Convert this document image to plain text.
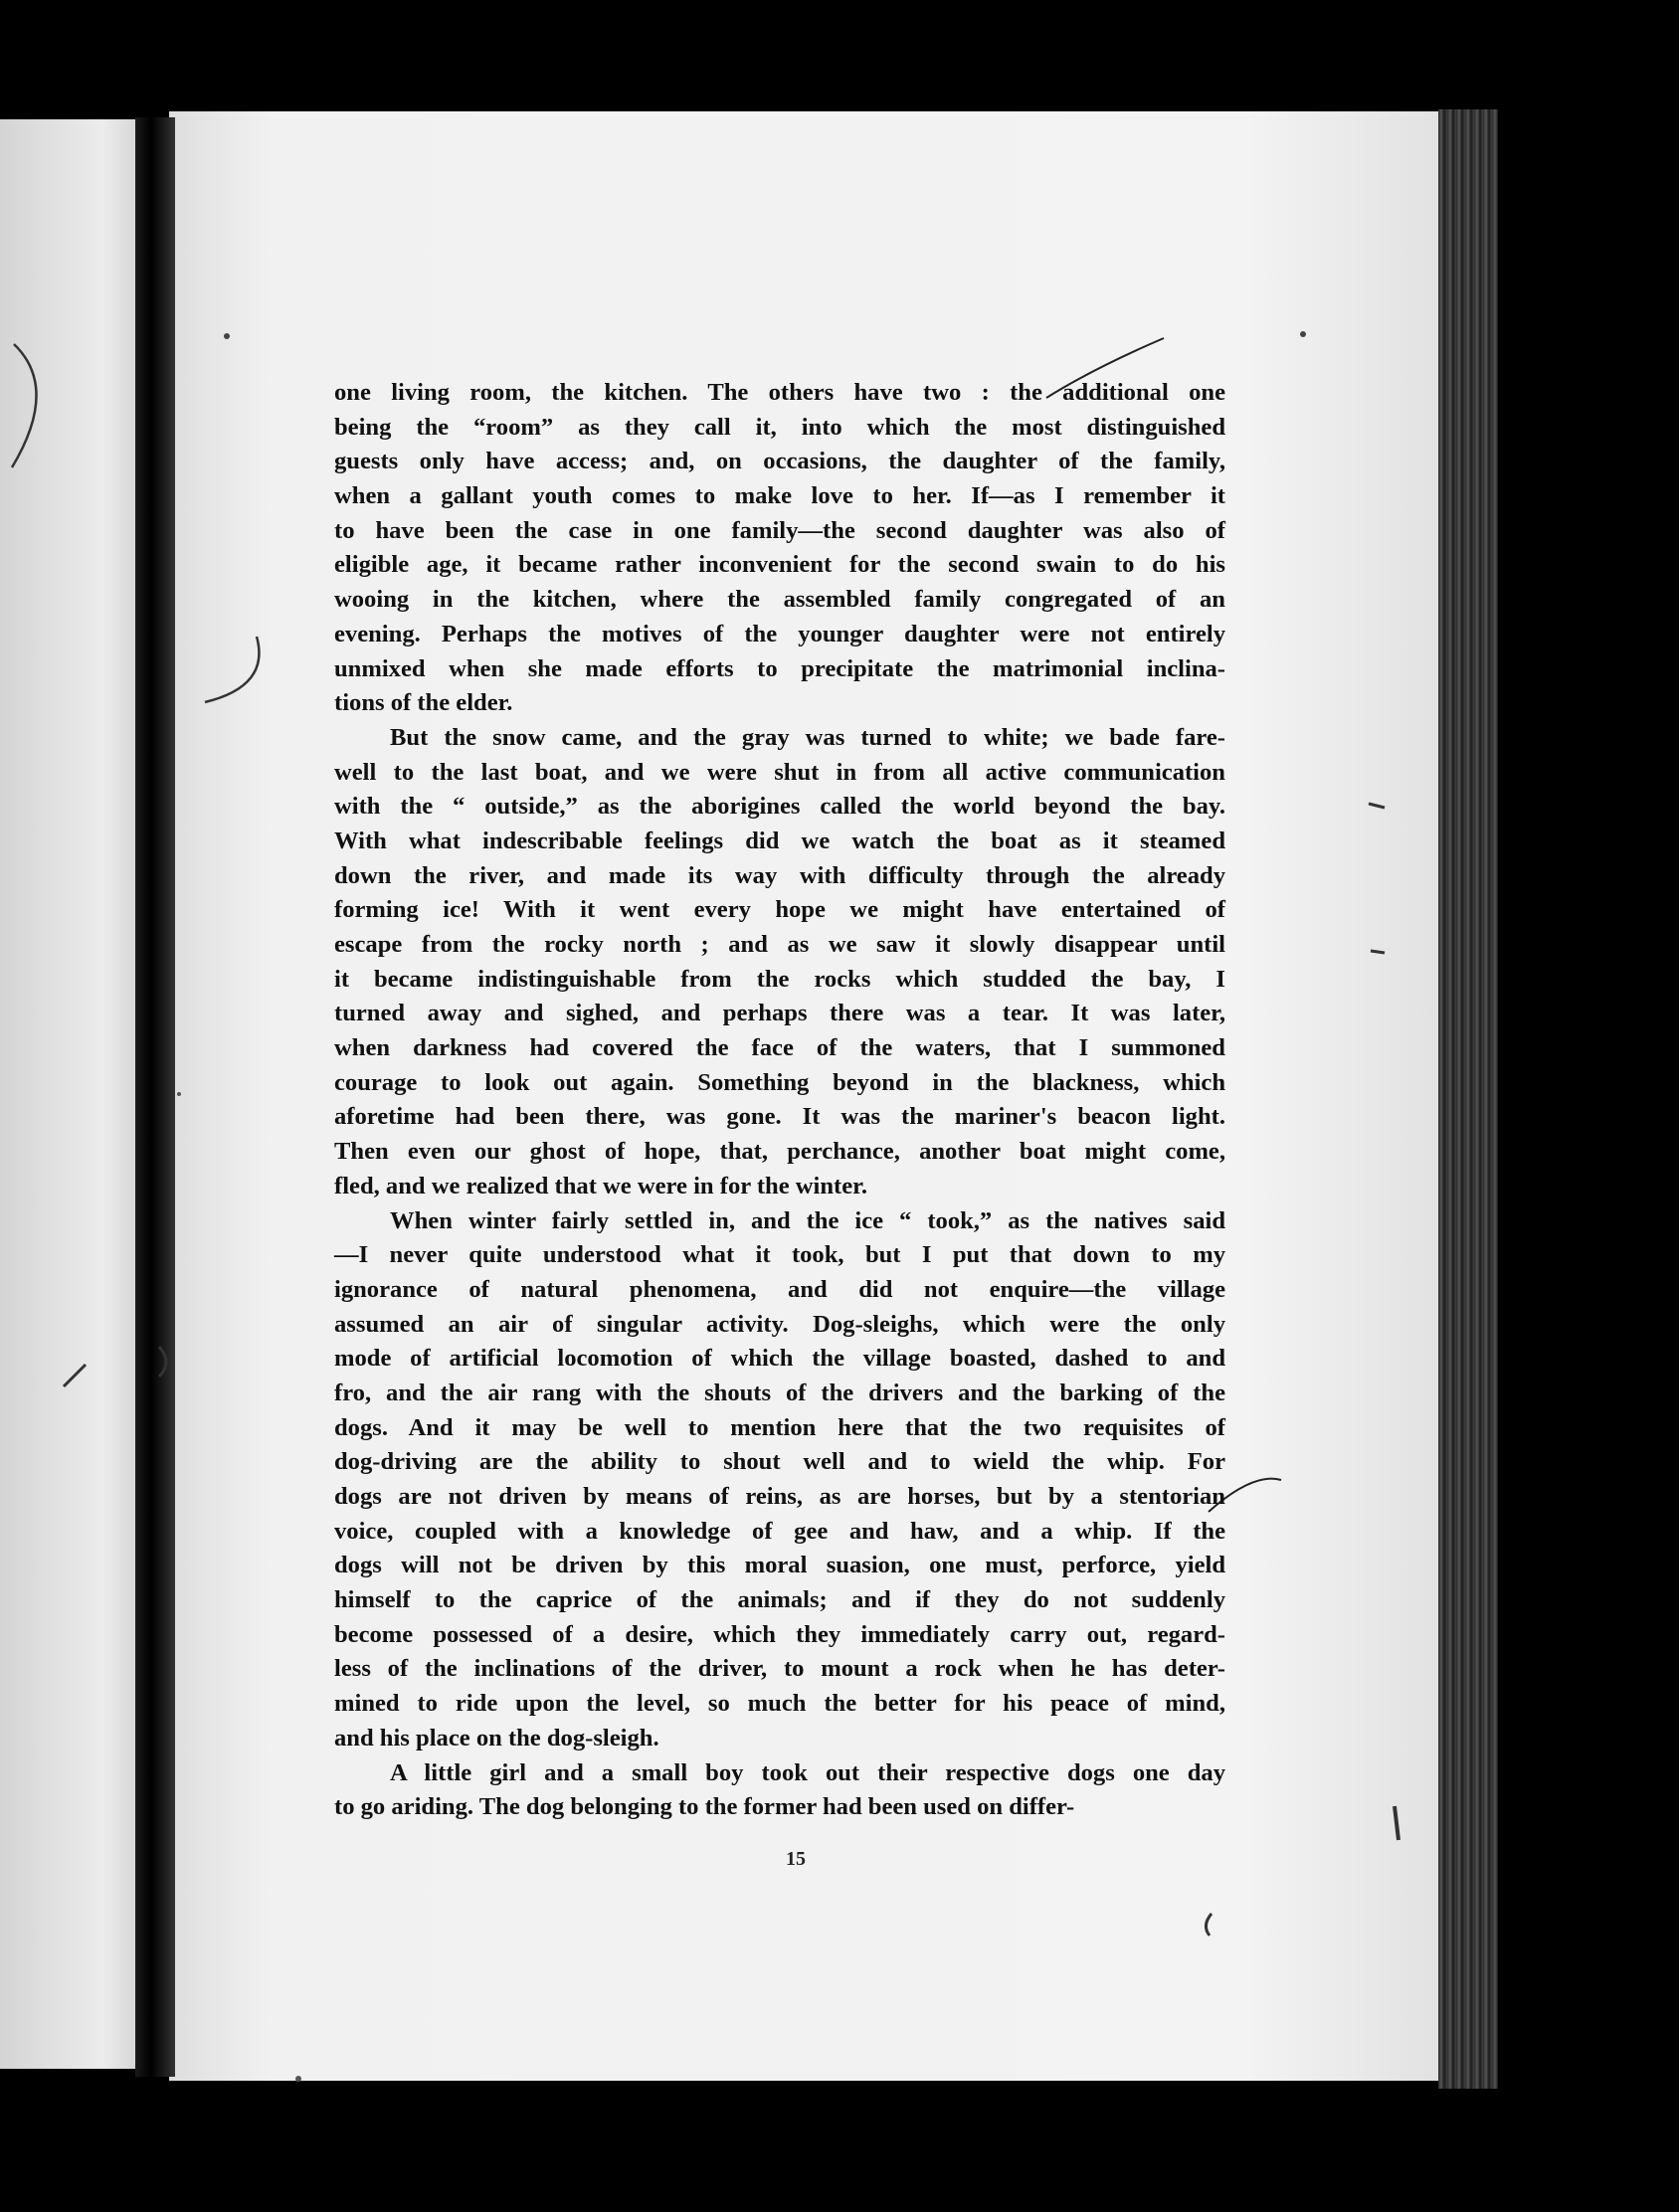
one living room, the kitchen. The others have two : the additional one
being the “room” as they call it, into which the most distinguished
guests only have access; and, on occasions, the daughter of the family,
when a gallant youth comes to make love to her. If—as I remember it
to have been the case in one family—the second daughter was also of
eligible age, it became rather inconvenient for the second swain to do his
wooing in the kitchen, where the assembled family congregated of an
evening. Perhaps the motives of the younger daughter were not entirely
unmixed when she made efforts to precipitate the matrimonial inclina-
tions of the elder.
But the snow came, and the gray was turned to white; we bade fare-
well to the last boat, and we were shut in from all active communication
with the “ outside,” as the aborigines called the world beyond the bay.
With what indescribable feelings did we watch the boat as it steamed
down the river, and made its way with difficulty through the already
forming ice! With it went every hope we might have entertained of
escape from the rocky north ; and as we saw it slowly disappear until
it became indistinguishable from the rocks which studded the bay, I
turned away and sighed, and perhaps there was a tear. It was later,
when darkness had covered the face of the waters, that I summoned
courage to look out again. Something beyond in the blackness, which
aforetime had been there, was gone. It was the mariner's beacon light.
Then even our ghost of hope, that, perchance, another boat might come,
fled, and we realized that we were in for the winter.
When winter fairly settled in, and the ice “ took,” as the natives said
—I never quite understood what it took, but I put that down to my
ignorance of natural phenomena, and did not enquire—the village
assumed an air of singular activity. Dog-sleighs, which were the only
mode of artificial locomotion of which the village boasted, dashed to and
fro, and the air rang with the shouts of the drivers and the barking of the
dogs. And it may be well to mention here that the two requisites of
dog-driving are the ability to shout well and to wield the whip. For
dogs are not driven by means of reins, as are horses, but by a stentorian
voice, coupled with a knowledge of gee and haw, and a whip. If the
dogs will not be driven by this moral suasion, one must, perforce, yield
himself to the caprice of the animals; and if they do not suddenly
become possessed of a desire, which they immediately carry out, regard-
less of the inclinations of the driver, to mount a rock when he has deter-
mined to ride upon the level, so much the better for his peace of mind,
and his place on the dog-sleigh.
A little girl and a small boy took out their respective dogs one day
to go ariding. The dog belonging to the former had been used on differ-
15
